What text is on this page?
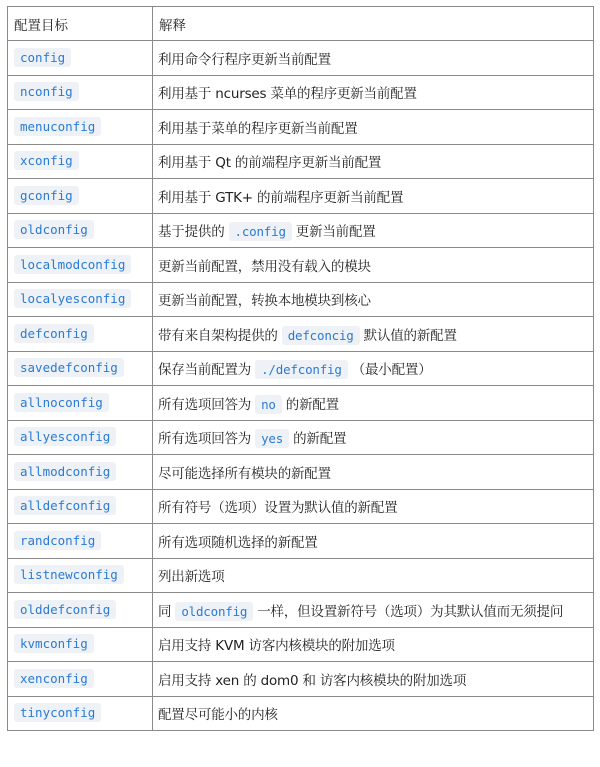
配置目标	解释
config	利用命令行程序更新当前配置
nconfig	利用基于 ncurses 菜单的程序更新当前配置
menuconfig	利用基于菜单的程序更新当前配置
xconfig	利用基于 Qt 的前端程序更新当前配置
gconfig	利用基于 GTK+ 的前端程序更新当前配置
oldconfig	基于提供的 .config 更新当前配置
localmodconfig	更新当前配置，禁用没有载入的模块
localyesconfig	更新当前配置，转换本地模块到核心
defconfig	带有来自架构提供的 defconcig 默认值的新配置
savedefconfig	保存当前配置为 ./defconfig （最小配置）
allnoconfig	所有选项回答为 no 的新配置
allyesconfig	所有选项回答为 yes 的新配置
allmodconfig	尽可能选择所有模块的新配置
alldefconfig	所有符号（选项）设置为默认值的新配置
randconfig	所有选项随机选择的新配置
listnewconfig	列出新选项
olddefconfig	同 oldconfig 一样，但设置新符号（选项）为其默认值而无须提问
kvmconfig	启用支持 KVM 访客内核模块的附加选项
xenconfig	启用支持 xen 的 dom0 和 访客内核模块的附加选项
tinyconfig	配置尽可能小的内核
